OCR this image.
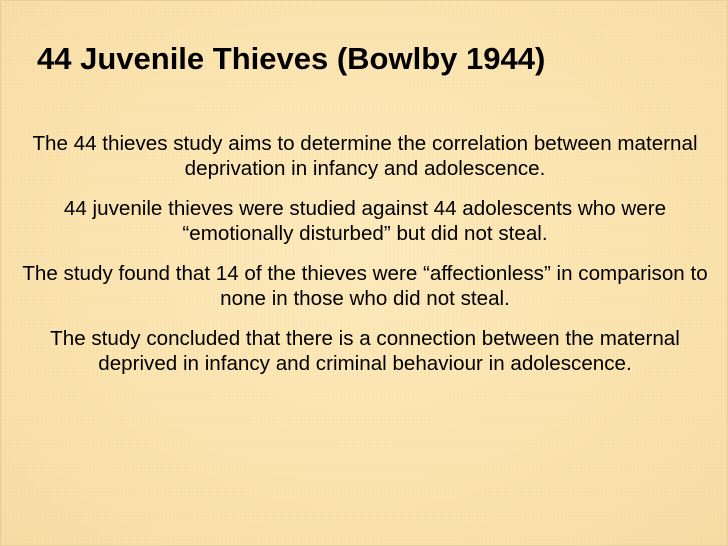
44 Juvenile Thieves (Bowlby 1944)

The 44 thieves study aims to determine the correlation between maternal deprivation in infancy and adolescence.

44 juvenile thieves were studied against 44 adolescents who were “emotionally disturbed” but did not steal.

The study found that 14 of the thieves were “affectionless” in comparison to none in those who did not steal.

The study concluded that there is a connection between the maternal deprived in infancy and criminal behaviour in adolescence.
